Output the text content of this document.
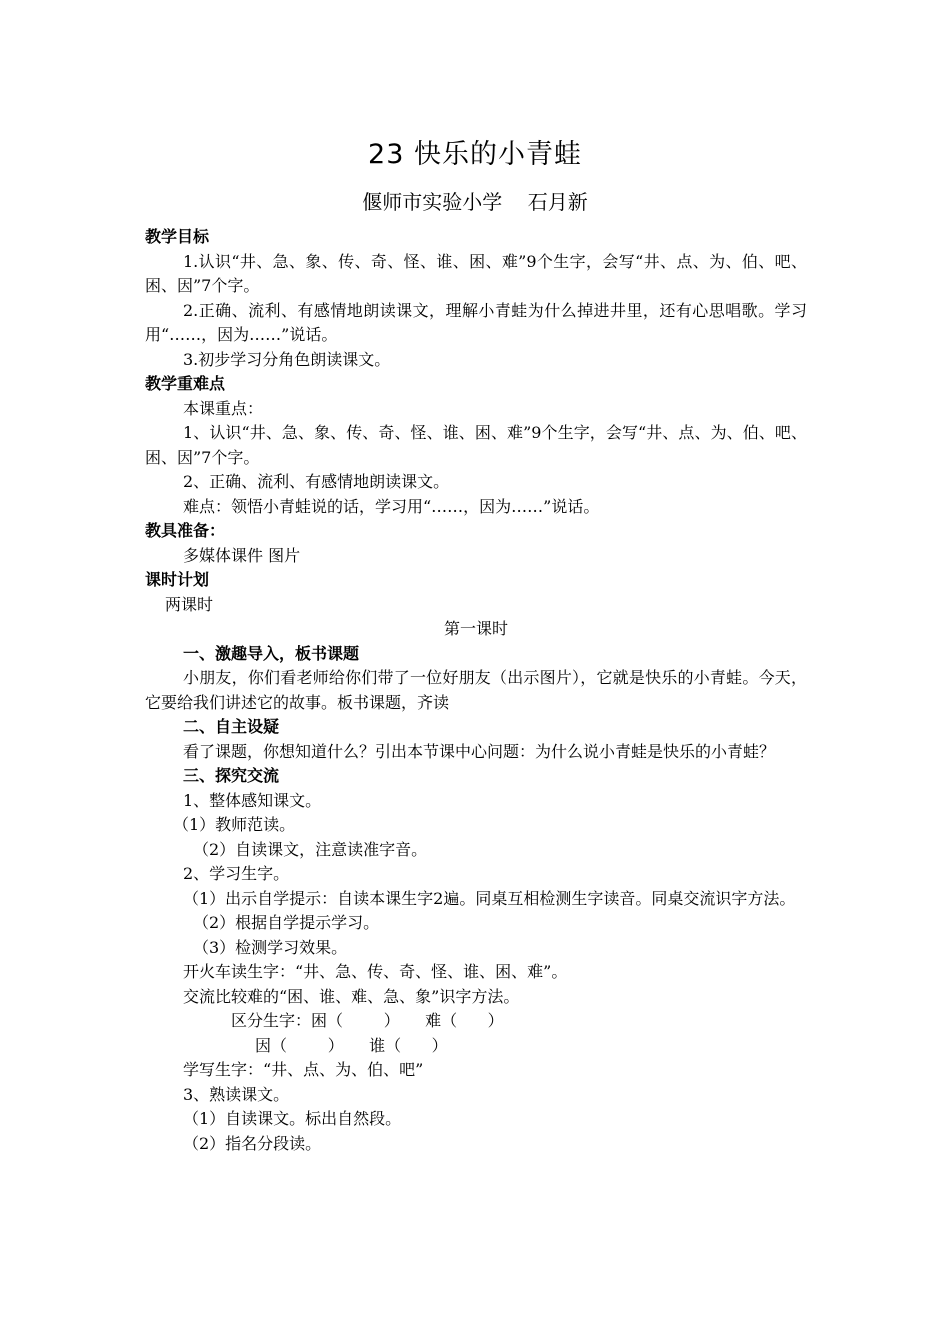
23 快乐的小青蛙
偃师市实验小学    石月新

教学目标

1.认识“井、急、象、传、奇、怪、谁、困、难”9个生字，会写“井、点、为、伯、吧、困、因”7个字。

2.正确、流利、有感情地朗读课文，理解小青蛙为什么掉进井里，还有心思唱歌。学习用“……，因为……”说话。

3.初步学习分角色朗读课文。

教学重难点

本课重点：

1、认识“井、急、象、传、奇、怪、谁、困、难”9个生字，会写“井、点、为、伯、吧、困、因”7个字。

2、正确、流利、有感情地朗读课文。

难点：领悟小青蛙说的话，学习用“……，因为……”说话。

教具准备：

多媒体课件 图片

课时计划

两课时

第一课时

一、激趣导入，板书课题

小朋友，你们看老师给你们带了一位好朋友（出示图片），它就是快乐的小青蛙。今天，它要给我们讲述它的故事。板书课题，齐读

二、自主设疑

看了课题，你想知道什么？引出本节课中心问题：为什么说小青蛙是快乐的小青蛙？

三、探究交流

1、整体感知课文。

（1）教师范读。

（2）自读课文，注意读准字音。

2、学习生字。

（1）出示自学提示：自读本课生字2遍。同桌互相检测生字读音。同桌交流识字方法。

（2）根据自学提示学习。

（3）检测学习效果。

开火车读生字：“井、急、传、奇、怪、谁、困、难”。

交流比较难的“困、谁、难、急、象”识字方法。

区分生字：困（        ）     难（      ）

因（        ）     谁（      ）

学写生字：“井、点、为、伯、吧”

3、熟读课文。

（1）自读课文。标出自然段。

（2）指名分段读。
